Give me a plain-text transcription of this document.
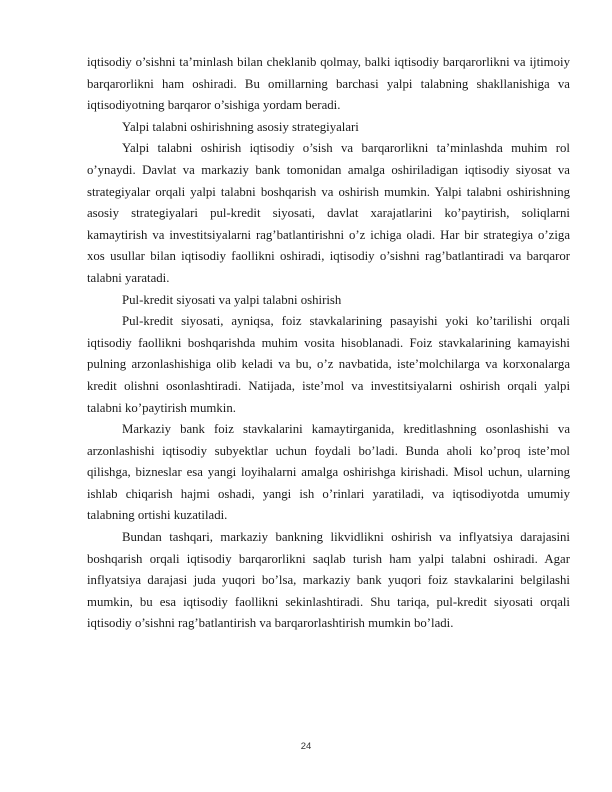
iqtisodiy o’sishni ta’minlash bilan cheklanib qolmay, balki iqtisodiy barqarorlikni va ijtimoiy barqarorlikni ham oshiradi. Bu omillarning barchasi yalpi talabning shakllanishiga va iqtisodiyotning barqaror o’sishiga yordam beradi.

Yalpi talabni oshirishning asosiy strategiyalari

Yalpi talabni oshirish iqtisodiy o’sish va barqarorlikni ta’minlashda muhim rol o’ynaydi. Davlat va markaziy bank tomonidan amalga oshiriladigan iqtisodiy siyosat va strategiyalar orqali yalpi talabni boshqarish va oshirish mumkin. Yalpi talabni oshirishning asosiy strategiyalari pul-kredit siyosati, davlat xarajatlarini ko’paytirish, soliqlarni kamaytirish va investitsiyalarni rag’batlantirishni o’z ichiga oladi. Har bir strategiya o’ziga xos usullar bilan iqtisodiy faollikni oshiradi, iqtisodiy o’sishni rag’batlantiradi va barqaror talabni yaratadi.

Pul-kredit siyosati va yalpi talabni oshirish

Pul-kredit siyosati, ayniqsa, foiz stavkalarining pasayishi yoki ko’tarilishi orqali iqtisodiy faollikni boshqarishda muhim vosita hisoblanadi. Foiz stavkalarining kamayishi pulning arzonlashishiga olib keladi va bu, o’z navbatida, iste’molchilarga va korxonalarga kredit olishni osonlashtiradi. Natijada, iste’mol va investitsiyalarni oshirish orqali yalpi talabni ko’paytirish mumkin.

Markaziy bank foiz stavkalarini kamaytirganida, kreditlashning osonlashishi va arzonlashishi iqtisodiy subyektlar uchun foydali bo’ladi. Bunda aholi ko’proq iste’mol qilishga, bizneslar esa yangi loyihalarni amalga oshirishga kirishadi. Misol uchun, ularning ishlab chiqarish hajmi oshadi, yangi ish o’rinlari yaratiladi, va iqtisodiyotda umumiy talabning ortishi kuzatiladi.

Bundan tashqari, markaziy bankning likvidlikni oshirish va inflyatsiya darajasini boshqarish orqali iqtisodiy barqarorlikni saqlab turish ham yalpi talabni oshiradi. Agar inflyatsiya darajasi juda yuqori bo’lsa, markaziy bank yuqori foiz stavkalarini belgilashi mumkin, bu esa iqtisodiy faollikni sekinlashtiradi. Shu tariqa, pul-kredit siyosati orqali iqtisodiy o’sishni rag’batlantirish va barqarorlashtirish mumkin bo’ladi.

24
